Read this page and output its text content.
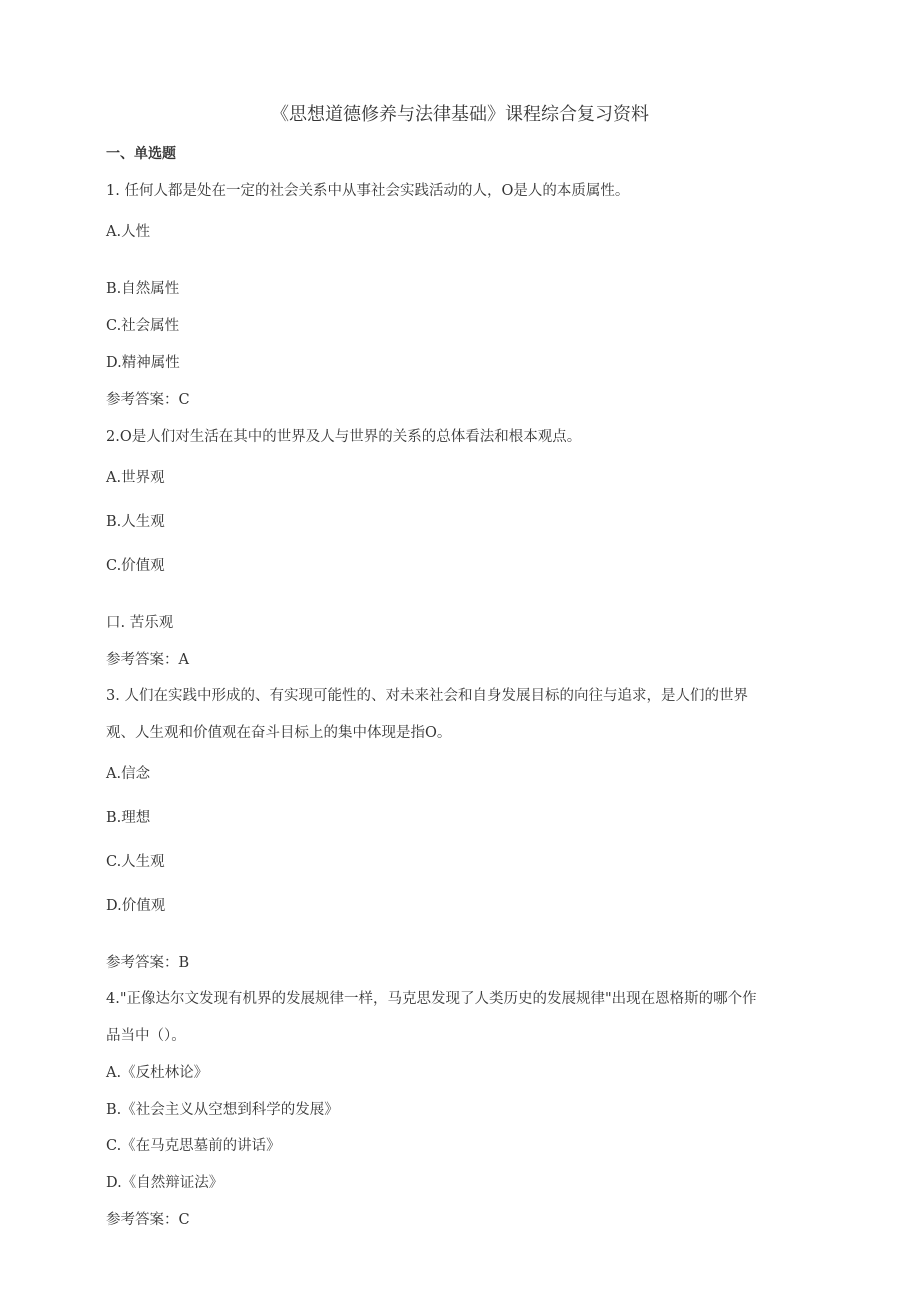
《思想道德修养与法律基础》课程综合复习资料
一、单选题
1. 任何人都是处在一定的社会关系中从事社会实践活动的人，O是人的本质属性。
A.人性
B.自然属性
C.社会属性
D.精神属性
参考答案：C
2.O是人们对生活在其中的世界及人与世界的关系的总体看法和根本观点。
A.世界观
B.人生观
C.价值观
口. 苦乐观
参考答案：A
3. 人们在实践中形成的、有实现可能性的、对未来社会和自身发展目标的向往与追求，是人们的世界
观、人生观和价值观在奋斗目标上的集中体现是指O。
A.信念
B.理想
C.人生观
D.价值观
参考答案：B
4."正像达尔文发现有机界的发展规律一样，马克思发现了人类历史的发展规律"出现在恩格斯的哪个作
品当中（）。
A.《反杜林论》
B.《社会主义从空想到科学的发展》
C.《在马克思墓前的讲话》
D.《自然辩证法》
参考答案：C
